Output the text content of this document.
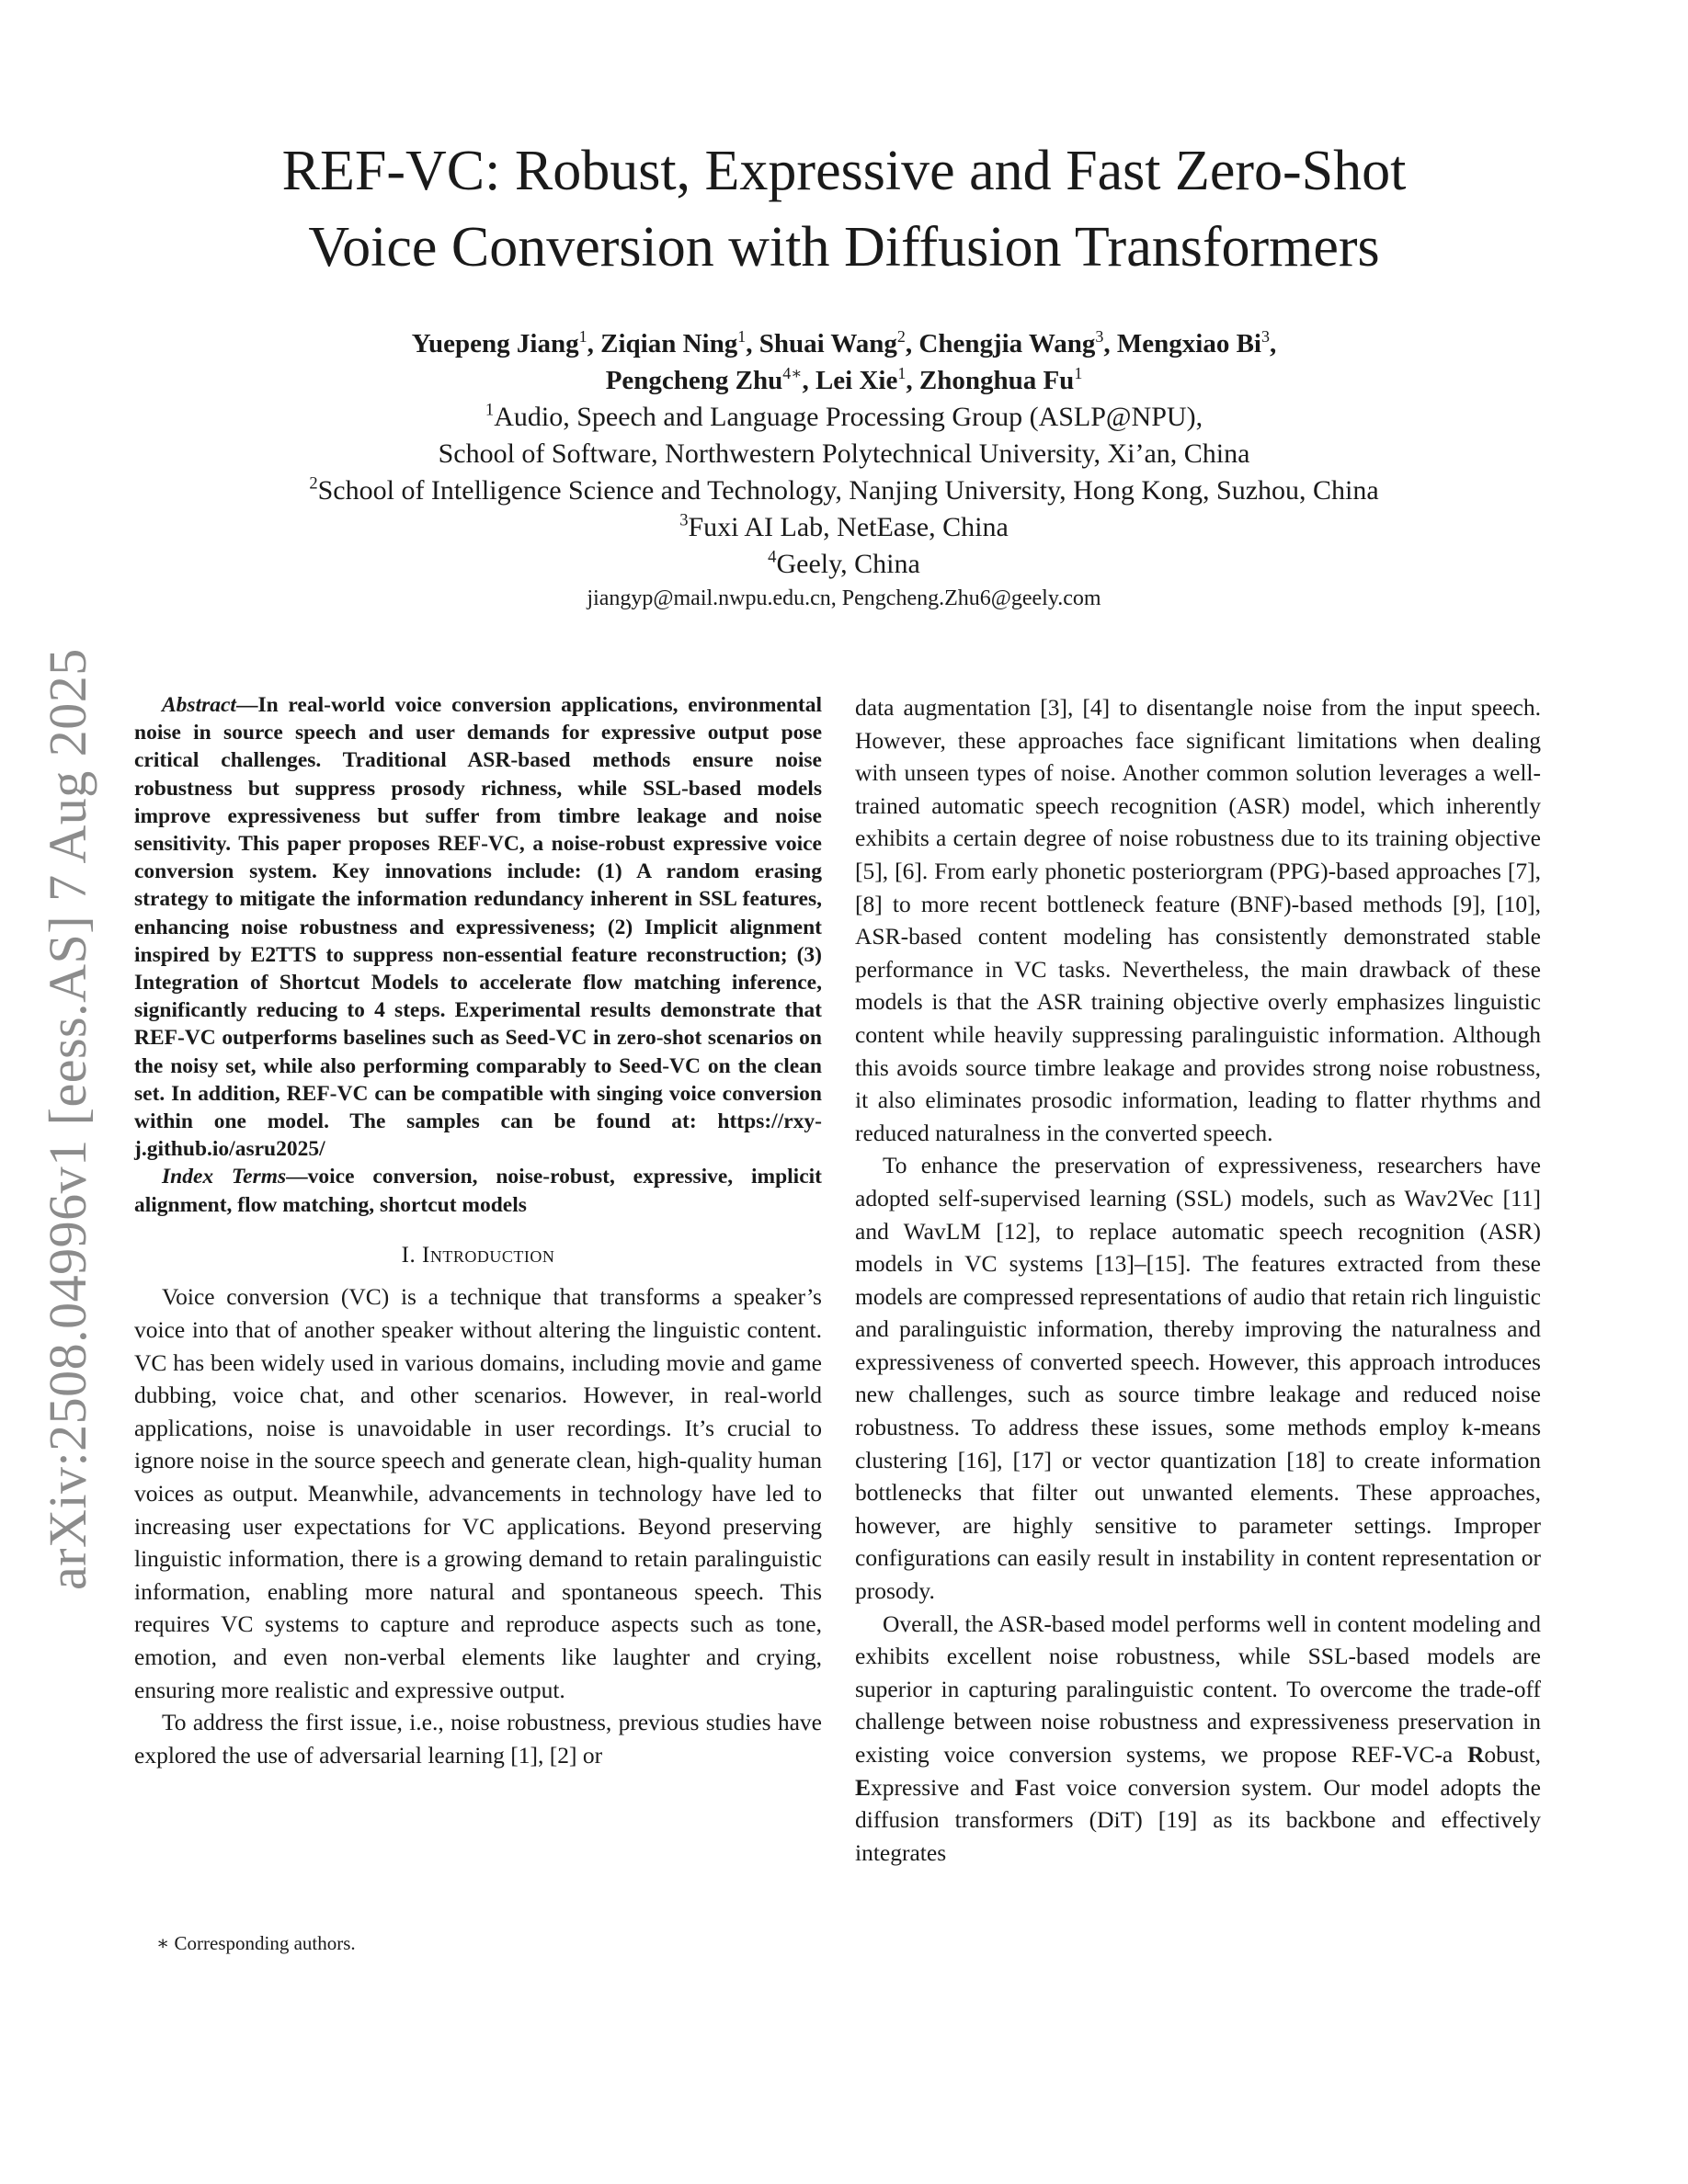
arXiv:2508.04996v1 [eess.AS] 7 Aug 2025
REF-VC: Robust, Expressive and Fast Zero-Shot
Voice Conversion with Diffusion Transformers
Yuepeng Jiang$^1$, Ziqian Ning$^1$, Shuai Wang$^2$, Chengjia Wang$^3$, Mengxiao Bi$^3$,
Pengcheng Zhu$^{4∗}$, Lei Xie$^1$, Zhonghua Fu$^1$
$^1$Audio, Speech and Language Processing Group (ASLP@NPU),
School of Software, Northwestern Polytechnical University, Xi’an, China
$^2$School of Intelligence Science and Technology, Nanjing University, Hong Kong, Suzhou, China
$^3$Fuxi AI Lab, NetEase, China
$^4$Geely, China
jiangyp@mail.nwpu.edu.cn, Pengcheng.Zhu6@geely.com

Abstract—In real-world voice conversion applications, environmental noise in source speech and user demands for expressive output pose critical challenges. Traditional ASR-based methods ensure noise robustness but suppress prosody richness, while SSL-based models improve expressiveness but suffer from timbre leakage and noise sensitivity. This paper proposes REF-VC, a noise-robust expressive voice conversion system. Key innovations include: (1) A random erasing strategy to mitigate the information redundancy inherent in SSL features, enhancing noise robustness and expressiveness; (2) Implicit alignment inspired by E2TTS to suppress non-essential feature reconstruction; (3) Integration of Shortcut Models to accelerate flow matching inference, significantly reducing to 4 steps. Experimental results demonstrate that REF-VC outperforms baselines such as Seed-VC in zero-shot scenarios on the noisy set, while also performing comparably to Seed-VC on the clean set. In addition, REF-VC can be compatible with singing voice conversion within one model. The samples can be found at: https://rxy-j.github.io/asru2025/

Index Terms—voice conversion, noise-robust, expressive, implicit alignment, flow matching, shortcut models

I. Introduction

Voice conversion (VC) is a technique that transforms a speaker’s voice into that of another speaker without altering the linguistic content. VC has been widely used in various domains, including movie and game dubbing, voice chat, and other scenarios. However, in real-world applications, noise is unavoidable in user recordings. It’s crucial to ignore noise in the source speech and generate clean, high-quality human voices as output. Meanwhile, advancements in technology have led to increasing user expectations for VC applications. Beyond preserving linguistic information, there is a growing demand to retain paralinguistic information, enabling more natural and spontaneous speech. This requires VC systems to capture and reproduce aspects such as tone, emotion, and even non-verbal elements like laughter and crying, ensuring more realistic and expressive output.

To address the first issue, i.e., noise robustness, previous studies have explored the use of adversarial learning [1], [2] or

∗ Corresponding authors.

data augmentation [3], [4] to disentangle noise from the input speech. However, these approaches face significant limitations when dealing with unseen types of noise. Another common solution leverages a well-trained automatic speech recognition (ASR) model, which inherently exhibits a certain degree of noise robustness due to its training objective [5], [6]. From early phonetic posteriorgram (PPG)-based approaches [7], [8] to more recent bottleneck feature (BNF)-based methods [9], [10], ASR-based content modeling has consistently demonstrated stable performance in VC tasks. Nevertheless, the main drawback of these models is that the ASR training objective overly emphasizes linguistic content while heavily suppressing paralinguistic information. Although this avoids source timbre leakage and provides strong noise robustness, it also eliminates prosodic information, leading to flatter rhythms and reduced naturalness in the converted speech.

To enhance the preservation of expressiveness, researchers have adopted self-supervised learning (SSL) models, such as Wav2Vec [11] and WavLM [12], to replace automatic speech recognition (ASR) models in VC systems [13]–[15]. The features extracted from these models are compressed representations of audio that retain rich linguistic and paralinguistic information, thereby improving the naturalness and expressiveness of converted speech. However, this approach introduces new challenges, such as source timbre leakage and reduced noise robustness. To address these issues, some methods employ k-means clustering [16], [17] or vector quantization [18] to create information bottlenecks that filter out unwanted elements. These approaches, however, are highly sensitive to parameter settings. Improper configurations can easily result in instability in content representation or prosody.

Overall, the ASR-based model performs well in content modeling and exhibits excellent noise robustness, while SSL-based models are superior in capturing paralinguistic content. To overcome the trade-off challenge between noise robustness and expressiveness preservation in existing voice conversion systems, we propose REF-VC-a Robust, Expressive and Fast voice conversion system. Our model adopts the diffusion transformers (DiT) [19] as its backbone and effectively integrates
